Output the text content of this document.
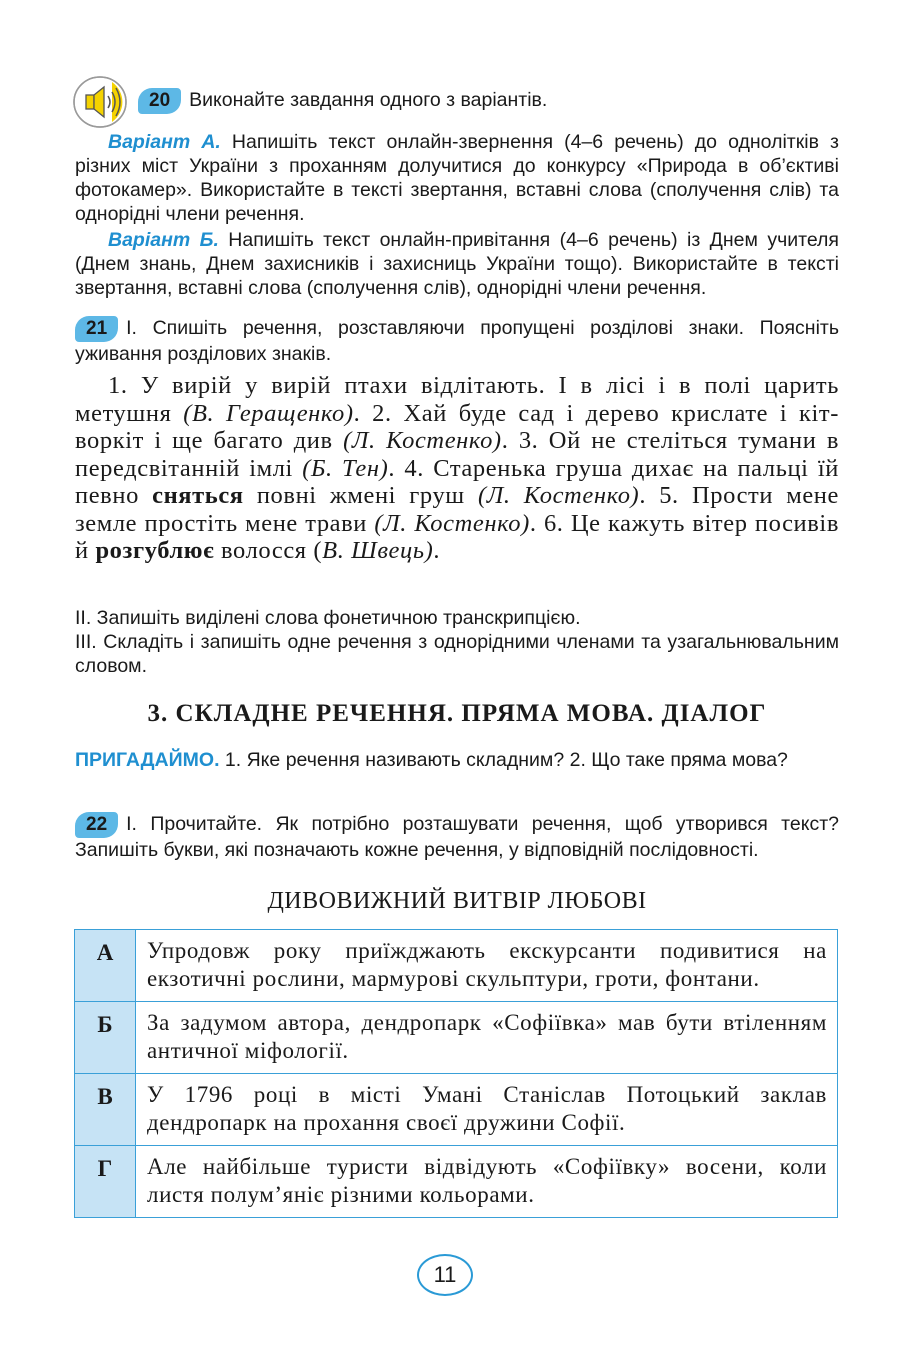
20 Виконайте завдання одного з варіантів.
Варіант А. Напишіть текст онлайн-звернення (4–6 речень) до однолітків з різних міст України з проханням долучитися до конкурсу «Природа в об’єктиві фотокамер». Використайте в тексті звертання, вставні слова (сполучення слів) та однорідні члени речення.
Варіант Б. Напишіть текст онлайн-привітання (4–6 речень) із Днем учителя (Днем знань, Днем захисників і захисниць України тощо). Використайте в тексті звертання, вставні слова (сполучення слів), однорідні члени речення.
21 І. Спишіть речення, розставляючи пропущені розділові знаки. Поясніть уживання розділових знаків.
1. У вирій у вирій птахи відлітають. І в лісі і в полі царить метушня (В. Геращенко). 2. Хай буде сад і дерево крислате і кіт-воркіт і ще багато див (Л. Костенко). 3. Ой не стеліться тумани в передсвітанній імлі (Б. Тен). 4. Старенька груша дихає на пальці їй певно сняться повні жмені груш (Л. Костенко). 5. Прости мене земле простіть мене трави (Л. Костенко). 6. Це кажуть вітер посивів й розгублює волосся (В. Швець).
ІІ. Запишіть виділені слова фонетичною транскрипцією.
ІІІ. Складіть і запишіть одне речення з однорідними членами та узагальнювальним словом.
3. СКЛАДНЕ РЕЧЕННЯ. ПРЯМА МОВА. ДІАЛОГ
ПРИГАДАЙМО. 1. Яке речення називають складним? 2. Що таке пряма мова?
22 І. Прочитайте. Як потрібно розташувати речення, щоб утворився текст? Запишіть букви, які позначають кожне речення, у відповідній послідовності.
ДИВОВИЖНИЙ ВИТВІР ЛЮБОВІ
А	Упродовж року приїжджають екскурсанти подивитися на екзотичні рослини, мармурові скульптури, гроти, фонтани.
Б	За задумом автора, дендропарк «Софіївка» мав бути втіленням античної міфології.
В	У 1796 році в місті Умані Станіслав Потоцький заклав дендропарк на прохання своєї дружини Софії.
Г	Але найбільше туристи відвідують «Софіївку» восени, коли листя полум’яніє різними кольорами.
11
